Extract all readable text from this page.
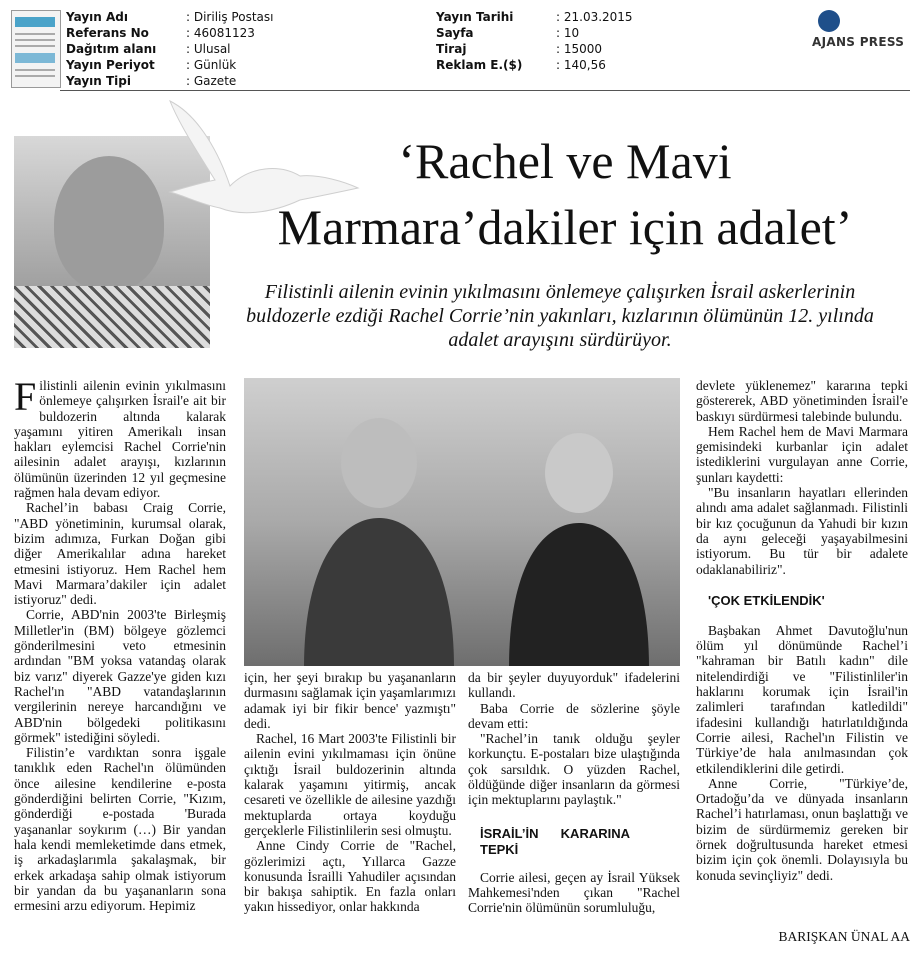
Yayın Adı	: Diriliş Postası
Referans No	: 46081123
Dağıtım alanı : Ulusal
Yayın Periyot	: Günlük
Yayın Tipi	: Gazete
Yayın Tarihi	: 21.03.2015
Sayfa	: 10
Tiraj	: 15000
Reklam E.($)	: 140,56
AJANS PRESS
‘Rachel ve Mavi
Marmara’dakiler için adalet’

Filistinli ailenin evinin yıkılmasını önlemeye çalışırken İsrail askerlerinin buldozerle ezdiği Rachel Corrie’nin yakınları, kızlarının ölümünün 12. yılında adalet arayışını sürdürüyor.

Filistinli ailenin evinin yıkılmasını önlemeye çalışırken İsrail'e ait bir buldozerin altında kalarak yaşamını yitiren Amerikalı insan hakları eylemcisi Rachel Corrie'nin ailesinin adalet arayışı, kızlarının ölümünün üzerinden 12 yıl geçmesine rağmen hala devam ediyor.

Rachel’in babası Craig Corrie, "ABD yönetiminin, kurumsal olarak, bizim adımıza, Furkan Doğan gibi diğer Amerikalılar adına hareket etmesini istiyoruz. Hem Rachel hem Mavi Marmara’dakiler için adalet istiyoruz" dedi.

Corrie, ABD'nin 2003'te Birleşmiş Milletler'in (BM) bölgeye gözlemci gönderilmesini veto etmesinin ardından "BM yoksa vatandaş olarak biz varız" diyerek Gazze'ye giden kızı Rachel'ın "ABD vatandaşlarının vergilerinin nereye harcandığını ve ABD'nin bölgedeki politikasını görmek" istediğini söyledi.

Filistin’e vardıktan sonra işgale tanıklık eden Rachel'ın ölümünden önce ailesine kendilerine e-posta gönderdiğini belirten Corrie, "Kızım, gönderdiği e-postada 'Burada yaşananlar soykırım (…) Bir yandan hala kendi memleketimde dans etmek, iş arkadaşlarımla şakalaşmak, bir erkek arkadaşa sahip olmak istiyorum bir yandan da bu yaşananların sona ermesini arzu ediyorum. Hepimiz

için, her şeyi bırakıp bu yaşananların durmasını sağlamak için yaşamlarımızı adamak iyi bir fikir bence' yazmıştı" dedi.

Rachel, 16 Mart 2003'te Filistinli bir ailenin evini yıkılmaması için önüne çıktığı İsrail buldozerinin altında kalarak yaşamını yitirmiş, ancak cesareti ve özellikle de ailesine yazdığı mektuplarda ortaya koyduğu gerçeklerle Filistinlilerin sesi olmuştu.

Anne Cindy Corrie de "Rachel, gözlerimizi açtı, Yıllarca Gazze konusunda İsrailli Yahudiler açısından bir bakışa sahiptik. En fazla onları yakın hissediyor, onlar hakkında

da bir şeyler duyuyorduk" ifadelerini kullandı.

Baba Corrie de sözlerine şöyle devam etti:

"Rachel’in tanık olduğu şeyler korkunçtu. E-postaları bize ulaştığında çok sarsıldık. O yüzden Rachel, öldüğünde diğer insanların da görmesi için mektuplarını paylaştık."

İSRAİL’İN KARARINA TEPKİ

Corrie ailesi, geçen ay İsrail Yüksek Mahkemesi'nden çıkan "Rachel Corrie'nin ölümünün sorumluluğu,

devlete yüklenemez" kararına tepki göstererek, ABD yönetiminden İsrail'e baskıyı sürdürmesi talebinde bulundu.

Hem Rachel hem de Mavi Marmara gemisindeki kurbanlar için adalet istediklerini vurgulayan anne Corrie, şunları kaydetti:

"Bu insanların hayatları ellerinden alındı ama adalet sağlanmadı. Filistinli bir kız çocuğunun da Yahudi bir kızın da aynı geleceği yaşayabilmesini istiyorum. Bu tür bir adalete odaklanabiliriz".

'ÇOK ETKİLENDİK'

Başbakan Ahmet Davutoğlu'nun ölüm yıl dönümünde Rachel’i "kahraman bir Batılı kadın" dile nitelendirdiği ve "Filistinliler'in haklarını korumak için İsrail'in zalimleri tarafından katledildi" ifadesini kullandığı hatırlatıldığında Corrie ailesi, Rachel'ın Filistin ve Türkiye’de hala anılmasından çok etkilendiklerini dile getirdi.

Anne Corrie, "Türkiye’de, Ortadoğu’da ve dünyada insanların Rachel’i hatırlaması, onun başlattığı ve bizim de sürdürmemiz gereken bir örnek doğrultusunda hareket etmesi bizim için çok önemli. Dolayısıyla bu konuda sevinçliyiz" dedi.

BARIŞKAN ÜNAL AA
